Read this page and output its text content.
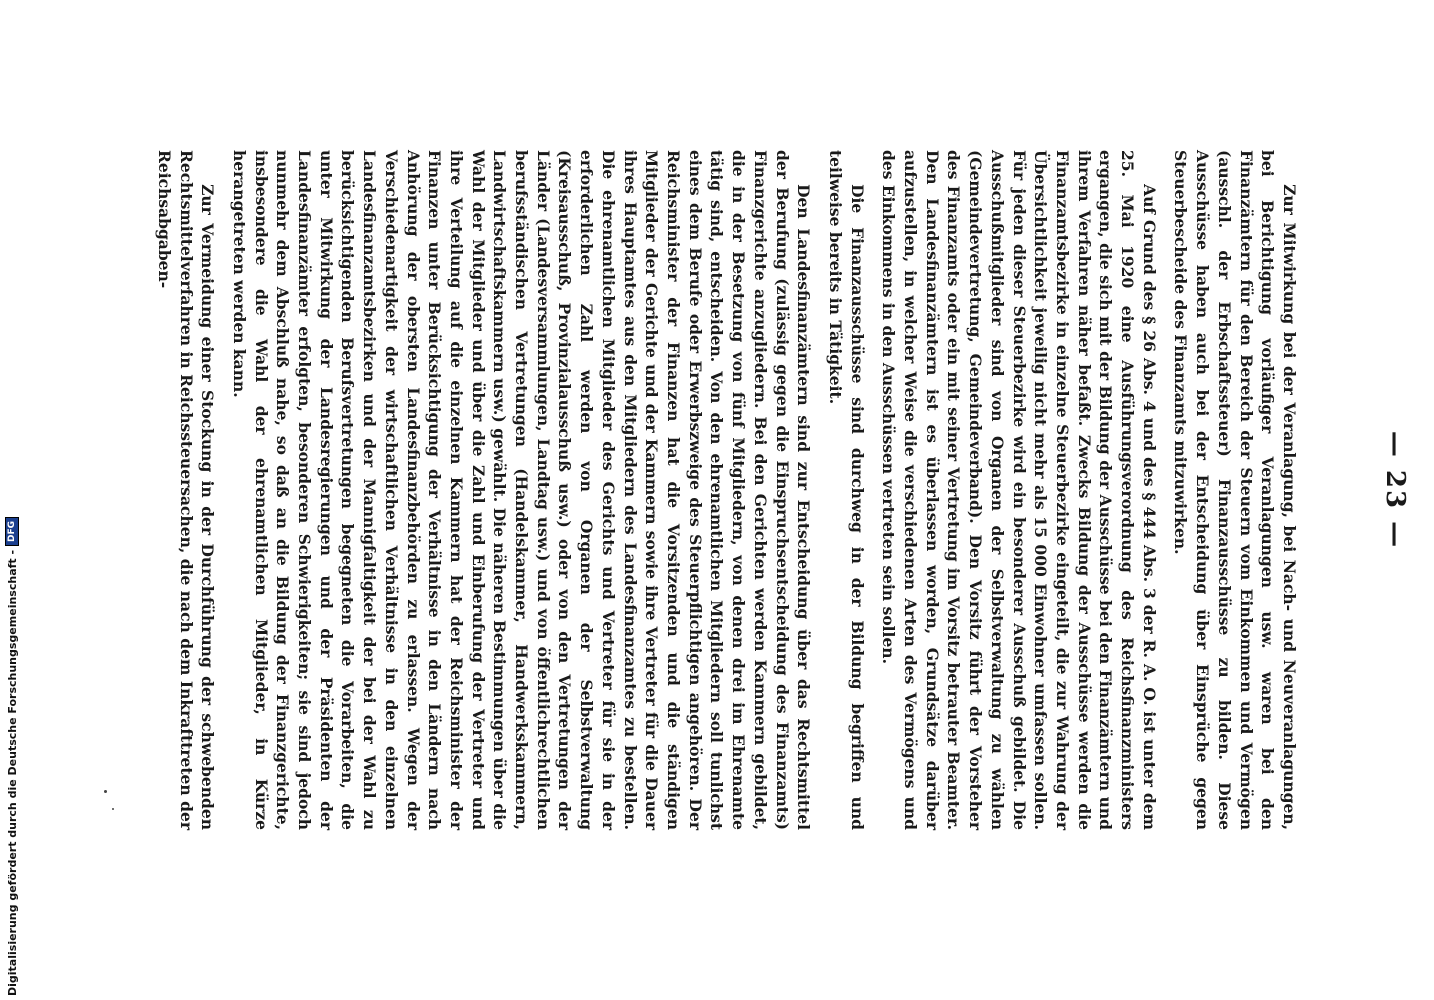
— 23 —

Zur Mitwirkung bei der Veranlagung, bei Nach- und Neuveranlagungen, bei Berichtigung vorläufiger Veranlagungen usw. waren bei den Finanzämtern für den Bereich der Steuern vom Einkommen und Vermögen (ausschl. der Erbschaftssteuer) Finanzausschüsse zu bilden. Diese Ausschüsse haben auch bei der Entscheidung über Einsprüche gegen Steuerbescheide des Finanzamts mitzuwirken.

Auf Grund des § 26 Abs. 4 und des § 444 Abs. 3 der R. A. O. ist unter dem 25. Mai 1920 eine Ausführungsverordnung des Reichsfinanzministers ergangen, die sich mit der Bildung der Ausschüsse bei den Finanzämtern und ihrem Verfahren näher befaßt. Zwecks Bildung der Ausschüsse werden die Finanzamtsbezirke in einzelne Steuerbezirke eingeteilt, die zur Wahrung der Übersichtlichkeit jeweilig nicht mehr als 15 000 Einwohner umfassen sollen. Für jeden dieser Steuerbezirke wird ein besonderer Ausschuß gebildet. Die Ausschußmitglieder sind von Organen der Selbstverwaltung zu wählen (Gemeindevertretung, Gemeindeverband). Den Vorsitz führt der Vorsteher des Finanzamts oder ein mit seiner Vertretung im Vorsitz betrauter Beamter. Den Landesfinanzämtern ist es überlassen worden, Grundsätze darüber aufzustellen, in welcher Weise die verschiedenen Arten des Vermögens und des Einkommens in den Ausschüssen vertreten sein sollen.

Die Finanzausschüsse sind durchweg in der Bildung begriffen und teilweise bereits in Tätigkeit.

Den Landesfinanzämtern sind zur Entscheidung über das Rechtsmittel der Berufung (zulässig gegen die Einspruchsentscheidung des Finanzamts) Finanzgerichte anzugliedern. Bei den Gerichten werden Kammern gebildet, die in der Besetzung von fünf Mitgliedern, von denen drei im Ehrenamte tätig sind, entscheiden. Von den ehrenamtlichen Mitgliedern soll tunlichst eines dem Berufe oder Erwerbszweige des Steuerpflichtigen angehören. Der Reichsminister der Finanzen hat die Vorsitzenden und die ständigen Mitglieder der Gerichte und der Kammern sowie ihre Vertreter für die Dauer ihres Hauptamtes aus den Mitgliedern des Landesfinanzamtes zu bestellen. Die ehrenamtlichen Mitglieder des Gerichts und Vertreter für sie in der erforderlichen Zahl werden von Organen der Selbstverwaltung (Kreisausschuß, Provinzialausschuß usw.) oder von den Vertretungen der Länder (Landesversammlungen, Landtag usw.) und von öffentlichrechtlichen berufsständischen Vertretungen (Handelskammer, Handwerkskammern, Landwirtschaftskammern usw.) gewählt. Die näheren Bestimmungen über die Wahl der Mitglieder und über die Zahl und Einberufung der Vertreter und ihre Verteilung auf die einzelnen Kammern hat der Reichsminister der Finanzen unter Berücksichtigung der Verhältnisse in den Ländern nach Anhörung der obersten Landesfinanzbehörden zu erlassen. Wegen der Verschiedenartigkeit der wirtschaftlichen Verhältnisse in den einzelnen Landesfinanzamtsbezirken und der Mannigfaltigkeit der bei der Wahl zu berücksichtigenden Berufsvertretungen begegneten die Vorarbeiten, die unter Mitwirkung der Landesregierungen und der Präsidenten der Landesfinanzämter erfolgten, besonderen Schwierigkeiten; sie sind jedoch nunmehr dem Abschluß nahe, so daß an die Bildung der Finanzgerichte, insbesondere die Wahl der ehrenamtlichen Mitglieder, in Kürze herangetreten werden kann.

Zur Vermeidung einer Stockung in der Durchführung der schwebenden Rechtsmittelverfahren in Reichssteuersachen, die nach dem Inkrafttreten der Reichsabgaben-

Digitalisierung gefördert durch die Deutsche Forschungsgemeinschaft -
DFG
